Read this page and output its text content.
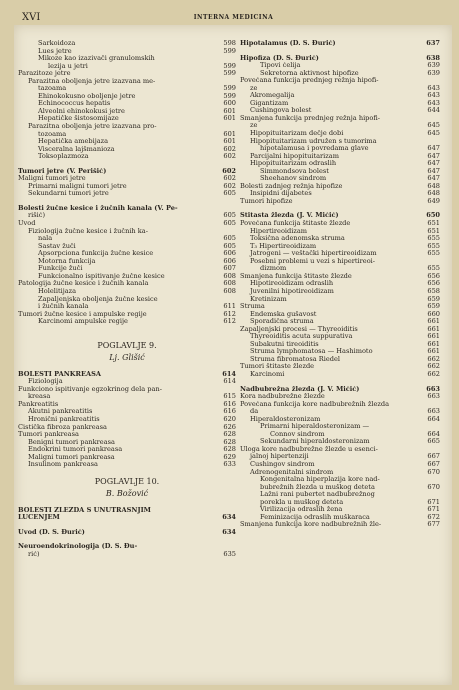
XVI	INTERNA MEDICINA
Sarkoidoza	598
Lues jetre	599
Mikoze kao izazivači granulomskih
lezija u jetri	599
Parazitoze jetre	599
Parazitna oboljenja jetre izazvana me-
tazoama	599
Ehinokokusno oboljenje jetre	599
Echinococcus hepatis	600
Alveolni ehinokokusi jetre	601
Hepatičke šistosomijaze	601
Parazitna oboljenja jetre izazvana pro-
tozoama	601
Hepatička amebijaza	601
Visceralna lajšmanioza	602
Toksoplazmoza	602
Tumori jetre (V. Perišić)	602
Maligni tumori jetre	602
Primarni maligni tumori jetre	602
Sekundarni tumori jetre	605
Bolesti žučne kesice i žučnih kanala (V. Pe-
rišić)	605
Uvod	605
Fiziologija žučne kesice i žučnih ka-
nala	605
Sastav žuči	605
Apsorpciona funkcija žučne kesice	606
Motorna funkcija	606
Funkcije žuči	607
Funkcionalno ispitivanje žučne kesice	608
Patologija žučne kesice i žučnih kanala	608
Holelitijaza	608
Zapaljenjska oboljenja žučne kesice
i žučnih kanala	611
Tumori žučne kesice i ampulske regije	612
Karcinomi ampulske regije	612
POGLAVLJE 9.
Lj. Glišić
BOLESTI PANKREASA	614
Fiziologija	614
Funkciono ispitivanje egzokrinog dela pan-
kreasa	615
Pankreatitis	616
Akutni pankreatitis	616
Hronični pankreatitis	620
Cistička fibroza pankreasa	626
Tumori pankreasa	628
Benigni tumori pankreasa	628
Endokrini tumori pankreasa	628
Maligni tumori pankreasa	629
Insulinom pankreasa	633
POGLAVLJE 10.
B. Božović
BOLESTI ŽLEZDA S UNUTRAŠNJIM
LUČENJEM	634
Uvod (D. S. Đurić)	634
Neuroendokrinologija (D. S. Đu-
rić)	635
Hipotalamus (D. S. Đurić)	637
Hipofiza (D. S. Đurić)	638
Tipovi ćelija	639
Sekretorna aktivnost hipofize	639
Povećana funkcija prednjeg režnja hipofi-
ze	643
Akromegalija	643
Gigantizam	643
Cushingova bolest	644
Smanjena funkcija prednjeg režnja hipofi-
ze	645
Hipopituitarizam dečje dobi	645
Hipopituitarizam udružen s tumorima
hipotalamusa i povredama glave	647
Parcijalni hipopituitarizam	647
Hipopituitarizam odraslih	647
Simmondsova bolest	647
Sheehanov sindrom	647
Bolesti zadnjeg režnja hipofize	648
Insipidni dijabetes	648
Tumori hipofize	649
Štitasta žlezda (J. V. Mićić)	650
Povećana funkcija štitaste žlezde	651
Hipertireoidizam	651
Toksična adenomska struma	655
T₃ Hipertireoidizam	655
Jatrogeni — veštački hipertireoidizam	655
Posebni problemi u vezi s hipertireoi-
dizmom	655
Smanjena funkcija štitaste žlezde	656
Hipotireoidizam odraslih	656
Juvenilni hipotireoidizam	658
Kretinizam	659
Struma	659
Endemska gušavost	660
Sporadična struma	661
Zapaljenjski procesi — Thyreoiditis	661
Thyreoiditis acuta suppurativa	661
Subakutni tireoiditis	661
Struma lymphomatosa — Hashimoto	661
Struma fibromatosa Riedel	662
Tumori štitaste žlezde	662
Karcinomi	662
Nadbubrežna žlezda (J. V. Mićić)	663
Kora nadbubrežne žlezde	663
Povećana funkcija kore nadbubrežnih žlezda
da	663
Hiperaldosteronizam	664
Primarni hiperaldosteronizam —
Connov sindrom	664
Sekundarni hiperaldosteronizam	665
Uloga kore nadbubrežne žlezde u esenci-
jalnoj hipertenziji	667
Cushingov sindrom	667
Adrenogenitalni sindrom	670
Kongenitalna hiperplazija kore nad-
bubrežnih žlezda u muškog deteta	670
Lažni rani pubertet nadbubrežnog
porekla u muškog deteta	671
Virilizacija odraslih žena	671
Feminizacija odraslih muškaraca	672
Smanjena funkcija kore nadbubrežnih žle-	677
